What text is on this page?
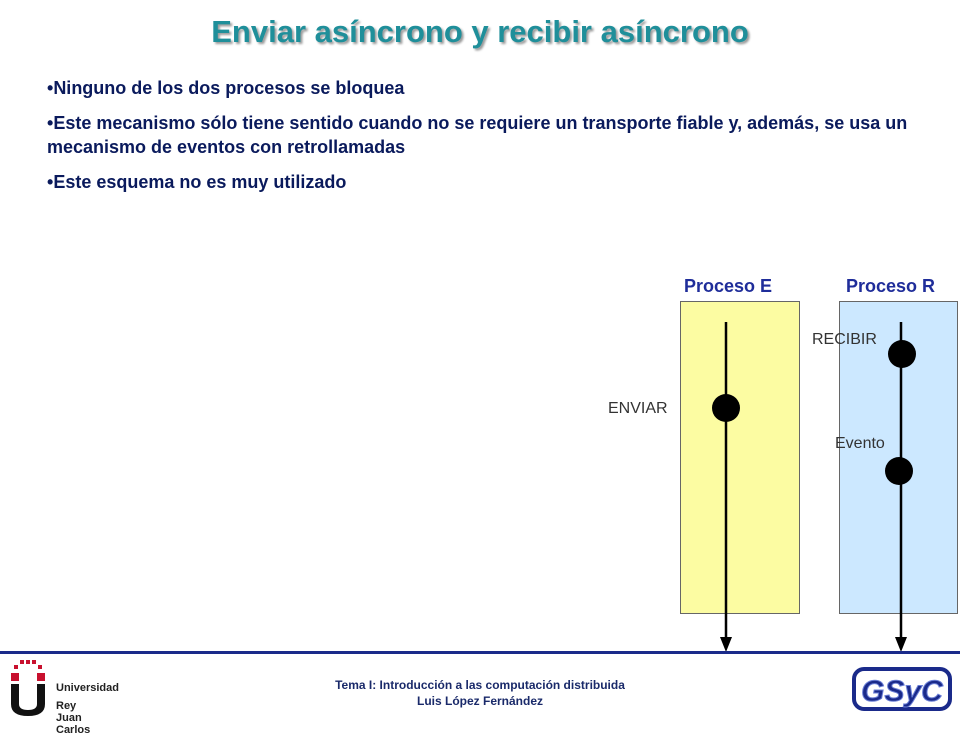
Enviar asíncrono y recibir asíncrono

• Ninguno de los dos procesos se bloquea

• Este mecanismo sólo tiene sentido cuando no se requiere un transporte fiable y, además, se usa un mecanismo de eventos con retrollamadas

• Este esquema no es muy utilizado

Proceso E	Proceso R
ENVIAR
RECIBIR
Evento
Universidad
Rey Juan Carlos
Tema I: Introducción a las computación distribuida
Luis López Fernández	GSyC
